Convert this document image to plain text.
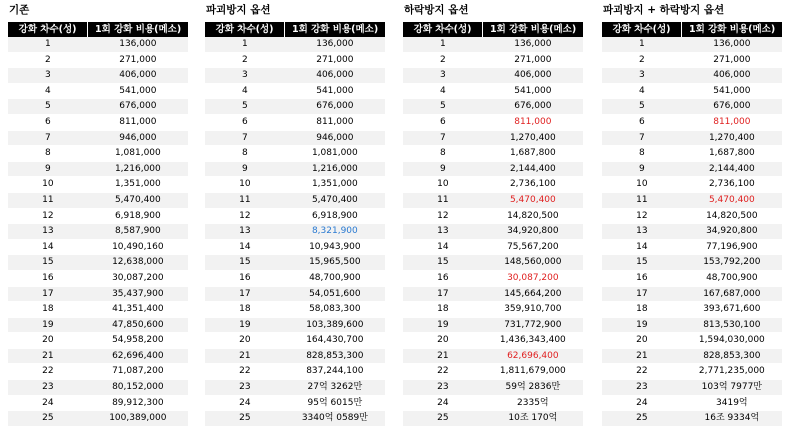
기존
강화 차수(성)	1회 강화 비용(메소)
1	136,000
2	271,000
3	406,000
4	541,000
5	676,000
6	811,000
7	946,000
8	1,081,000
9	1,216,000
10	1,351,000
11	5,470,400
12	6,918,900
13	8,587,900
14	10,490,160
15	12,638,000
16	30,087,200
17	35,437,900
18	41,351,400
19	47,850,600
20	54,958,200
21	62,696,400
22	71,087,200
23	80,152,000
24	89,912,300
25	100,389,000
파괴방지 옵션
강화 차수(성)	1회 강화 비용(메소)
1	136,000
2	271,000
3	406,000
4	541,000
5	676,000
6	811,000
7	946,000
8	1,081,000
9	1,216,000
10	1,351,000
11	5,470,400
12	6,918,900
13	8,321,900
14	10,943,900
15	15,965,500
16	48,700,900
17	54,051,600
18	58,083,300
19	103,389,600
20	164,430,700
21	828,853,300
22	837,244,100
23	27억 3262만
24	95억 6015만
25	3340억 0589만
하락방지 옵션
강화 차수(성)	1회 강화 비용(메소)
1	136,000
2	271,000
3	406,000
4	541,000
5	676,000
6	811,000
7	1,270,400
8	1,687,800
9	2,144,400
10	2,736,100
11	5,470,400
12	14,820,500
13	34,920,800
14	75,567,200
15	148,560,000
16	30,087,200
17	145,664,200
18	359,910,700
19	731,772,900
20	1,436,343,400
21	62,696,400
22	1,811,679,000
23	59억 2836만
24	2335억
25	10조 170억
파괴방지 + 하락방지 옵션
강화 차수(성)	1회 강화 비용(메소)
1	136,000
2	271,000
3	406,000
4	541,000
5	676,000
6	811,000
7	1,270,400
8	1,687,800
9	2,144,400
10	2,736,100
11	5,470,400
12	14,820,500
13	34,920,800
14	77,196,900
15	153,792,200
16	48,700,900
17	167,687,000
18	393,671,600
19	813,530,100
20	1,594,030,000
21	828,853,300
22	2,771,235,000
23	103억 7977만
24	3419억
25	16조 9334억
